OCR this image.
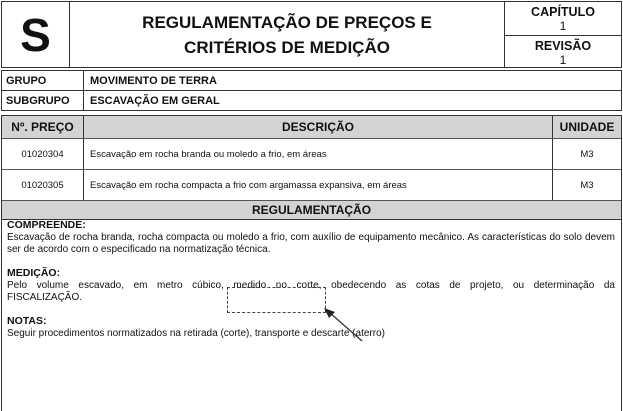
S	REGULAMENTAÇÃO DE PREÇOS E
CRITÉRIOS DE MEDIÇÃO
CAPÍTULO
1
REVISÃO
1
GRUPO	MOVIMENTO DE TERRA
SUBGRUPO	ESCAVAÇÃO EM GERAL
Nº. PREÇO	DESCRIÇÃO	UNIDADE
01020304	Escavação em rocha branda ou moledo a frio, em áreas	M3
01020305	Escavação em rocha compacta a frio com argamassa expansiva, em áreas	M3
REGULAMENTAÇÃO
COMPREENDE:
Escavação de rocha branda, rocha compacta ou moledo a frio, com auxílio de equipamento mecânico. As características do solo devem ser de acordo com o especificado na normatização técnica.
MEDIÇÃO:
Pelo volume escavado, em metro cúbico, medido no corte, obedecendo as cotas de projeto, ou determinação da FISCALIZAÇÃO.
NOTAS:
Seguir procedimentos normatizados na retirada (corte), transporte e descarte (aterro)
